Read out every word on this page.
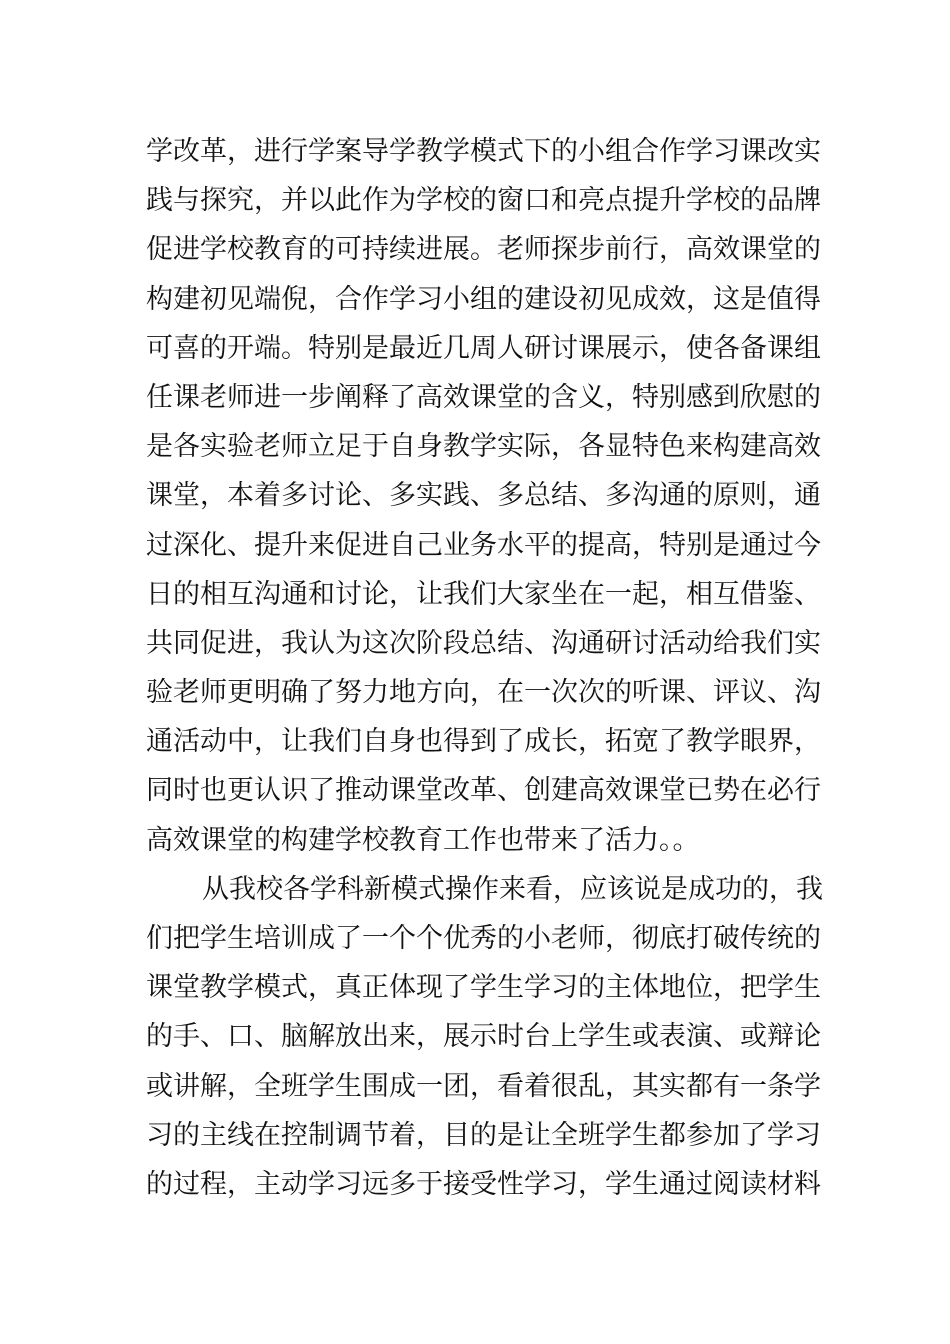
学改革，进行学案导学教学模式下的小组合作学习课改实
践与探究，并以此作为学校的窗口和亮点提升学校的品牌
促进学校教育的可持续进展。老师探步前行，高效课堂的
构建初见端倪，合作学习小组的建设初见成效，这是值得
可喜的开端。特别是最近几周人研讨课展示，使各备课组
任课老师进一步阐释了高效课堂的含义，特别感到欣慰的
是各实验老师立足于自身教学实际，各显特色来构建高效
课堂，本着多讨论、多实践、多总结、多沟通的原则，通
过深化、提升来促进自己业务水平的提高，特别是通过今
日的相互沟通和讨论，让我们大家坐在一起，相互借鉴、
共同促进，我认为这次阶段总结、沟通研讨活动给我们实
验老师更明确了努力地方向，在一次次的听课、评议、沟
通活动中，让我们自身也得到了成长，拓宽了教学眼界，
同时也更认识了推动课堂改革、创建高效课堂已势在必行
高效课堂的构建学校教育工作也带来了活力。。
从我校各学科新模式操作来看，应该说是成功的，我
们把学生培训成了一个个优秀的小老师，彻底打破传统的
课堂教学模式，真正体现了学生学习的主体地位，把学生
的手、口、脑解放出来，展示时台上学生或表演、或辩论
或讲解，全班学生围成一团，看着很乱，其实都有一条学
习的主线在控制调节着，目的是让全班学生都参加了学习
的过程，主动学习远多于接受性学习，学生通过阅读材料
